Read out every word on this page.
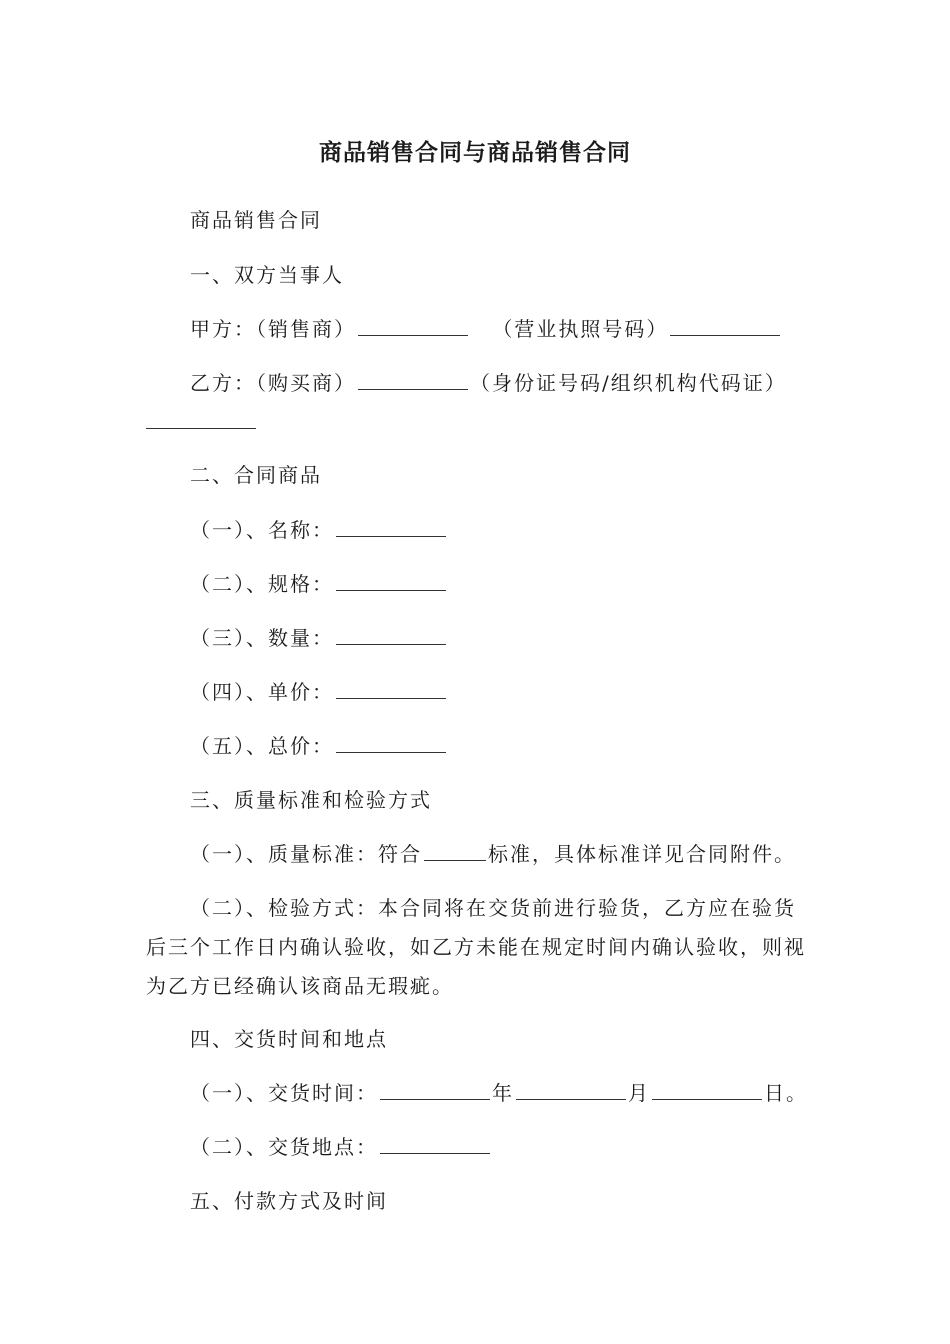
商品销售合同与商品销售合同
商品销售合同
一、双方当事人
甲方：（销售商）	（营业执照号码）
乙方：（购买商）	（身份证号码/组织机构代码证）
二、合同商品
（一）、名称：
（二）、规格：
（三）、数量：
（四）、单价：
（五）、总价：
三、质量标准和检验方式
（一）、质量标准：符合	标准，具体标准详见合同附件。
（二）、检验方式：本合同将在交货前进行验货，乙方应在验货后三个工作日内确认验收，如乙方未能在规定时间内确认验收，则视为乙方已经确认该商品无瑕疵。
四、交货时间和地点
（一）、交货时间：	年	月	日。
（二）、交货地点：
五、付款方式及时间
